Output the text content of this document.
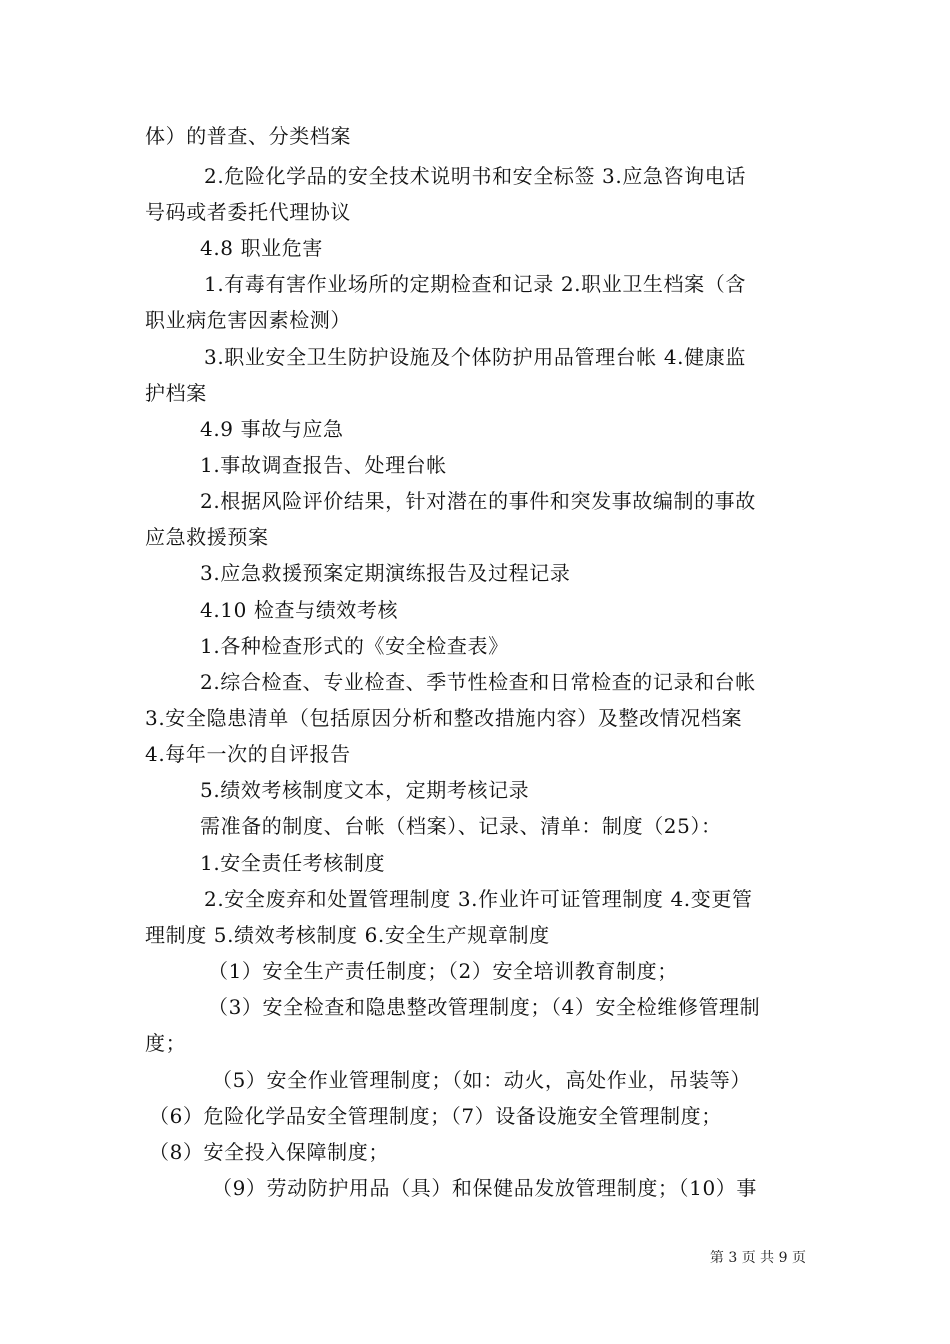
体）的普查、分类档案
2.危险化学品的安全技术说明书和安全标签 3.应急咨询电话
号码或者委托代理协议
4.8 职业危害
1.有毒有害作业场所的定期检查和记录 2.职业卫生档案（含
职业病危害因素检测）
3.职业安全卫生防护设施及个体防护用品管理台帐 4.健康监
护档案
4.9 事故与应急
1.事故调查报告、处理台帐
2.根据风险评价结果，针对潜在的事件和突发事故编制的事故
应急救援预案
3.应急救援预案定期演练报告及过程记录
4.10 检查与绩效考核
1.各种检查形式的《安全检查表》
2.综合检查、专业检查、季节性检查和日常检查的记录和台帐
3.安全隐患清单（包括原因分析和整改措施内容）及整改情况档案
4.每年一次的自评报告
5.绩效考核制度文本，定期考核记录
需准备的制度、台帐（档案）、记录、清单：制度（25）：
1.安全责任考核制度
2.安全废弃和处置管理制度 3.作业许可证管理制度 4.变更管
理制度 5.绩效考核制度 6.安全生产规章制度
（1）安全生产责任制度；（2）安全培训教育制度；
（3）安全检查和隐患整改管理制度；（4）安全检维修管理制
度；
（5）安全作业管理制度；（如：动火，高处作业，吊装等）
（6）危险化学品安全管理制度；（7）设备设施安全管理制度；
（8）安全投入保障制度；
（9）劳动防护用品（具）和保健品发放管理制度；（10）事
第 3 页 共 9 页
